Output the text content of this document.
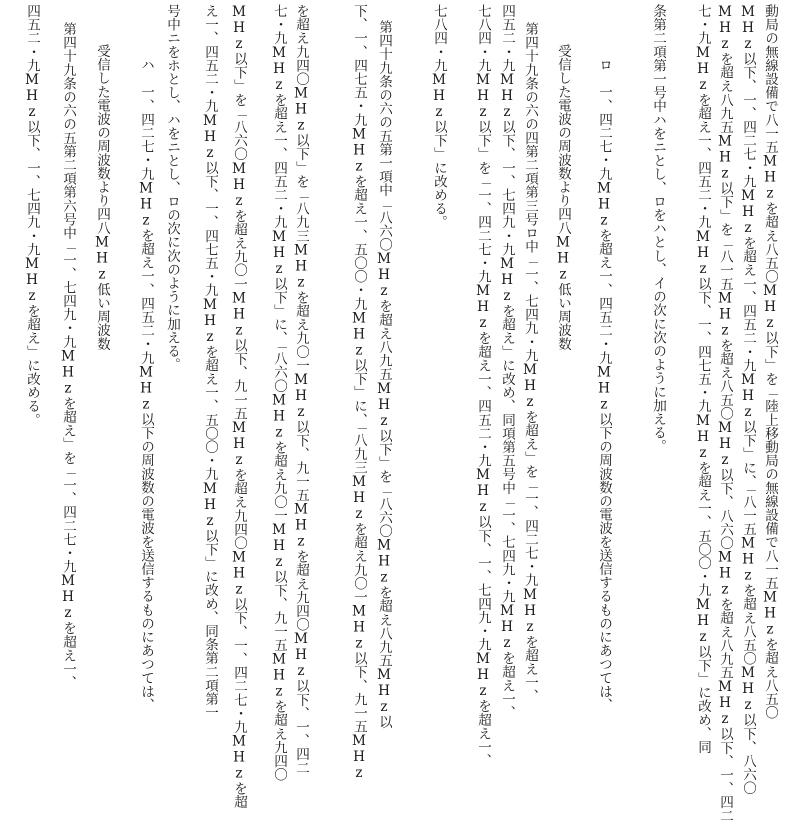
動局の無線設備で八一五MHzを超え八五〇MHz以下」を「陸上移動局の無線設備で八一五MHzを超え八五〇
MHz以下、一、四二七・九MHzを超え一、四五二・九MHz以下」に、「八一五MHzを超え八五〇MHz以下、八六〇
MHzを超え八九五MHz以下」を「八一五MHzを超え八五〇MHz以下、八六〇MHzを超え八九五MHz以下、一、四二
七・九MHzを超え一、四五二・九MHz以下、一、四七五・九MHzを超え一、五〇〇・九MHz以下」に改め、同
条第二項第一号中ハをニとし、ロをハとし、イの次に次のように加える。
ロ　一、四二七・九MHzを超え一、四五二・九MHz以下の周波数の電波を送信するものにあつては、
受信した電波の周波数より四八MHz低い周波数
第四十九条の六の四第二項第三号ロ中「一、七四九・九MHzを超え」を「一、四二七・九MHzを超え一、
四五二・九MHz以下、一、七四九・九MHzを超え」に改め、同項第五号中「一、七四九・九MHzを超え一、
七八四・九MHz以下」を「一、四二七・九MHzを超え一、四五二・九MHz以下、一、七四九・九MHzを超え一、
七八四・九MHz以下」に改める。
第四十九条の六の五第一項中「八六〇MHzを超え八九五MHz以下」を「八六〇MHzを超え八九五MHz以
下、一、四七五・九MHzを超え一、五〇〇・九MHz以下」に、「八九三MHzを超え九〇一MHz以下、九一五MHz
を超え九四〇MHz以下」を「八九三MHzを超え九〇一MHz以下、九一五MHzを超え九四〇MHz以下、一、四二
七・九MHzを超え一、四五二・九MHz以下」に、「八六〇MHzを超え九〇一MHz以下、九一五MHzを超え九四〇
MHz以下」を「八六〇MHzを超え九〇一MHz以下、九一五MHzを超え九四〇MHz以下、一、四二七・九MHzを超
え一、四五二・九MHz以下、一、四七五・九MHzを超え一、五〇〇・九MHz以下」に改め、同条第二項第一
号中ニをホとし、ハをニとし、ロの次に次のように加える。
ハ　一、四二七・九MHzを超え一、四五二・九MHz以下の周波数の電波を送信するものにあつては、
受信した電波の周波数より四八MHz低い周波数
第四十九条の六の五第二項第六号中「一、七四九・九MHzを超え」を「一、四二七・九MHzを超え一、
四五二・九MHz以下、一、七四九・九MHzを超え」に改める。
